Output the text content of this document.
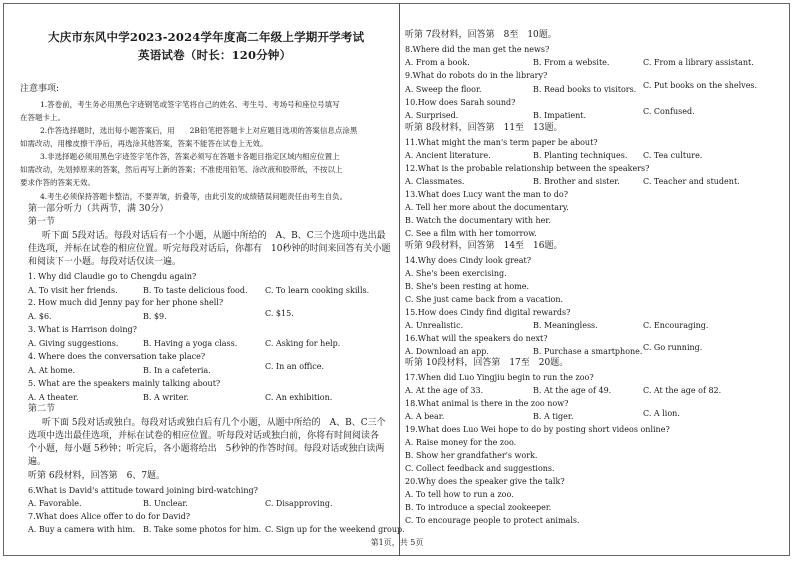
大庆市东风中学2023-2024学年度高二年级上学期开学考试
英语试卷（时长：120分钟）
注意事项:
1.答卷前，考生务必用黑色字迹钢笔或签字笔将自己的姓名、考生号、考场号和座位号填写
在答题卡上。
2.作答选择题时，选出每小题答案后，用　　2B铅笔把答题卡上对应题目选项的答案信息点涂黑
如需改动，用橡皮擦干净后，再选涂其他答案，答案不能答在试卷上无效。
3.非选择题必须用黑色字迹签字笔作答，答案必须写在答题卡各题目指定区域内相应位置上
如需改动，先划掉原来的答案，然后再写上新的答案；不准使用铅笔、涂改液和胶带纸，不按以上
要求作答的答案无效。
4.考生必须保持答题卡整洁，不要弄皱，折叠等，由此引发的成绩错误问题责任由考生自负。
第一部分听力（共两节，满 30分）
第一节
听下面 5段对话。每段对话后有一个小题，从题中所给的　A、B、C三个选项中选出最
佳选项，并标在试卷的相应位置。听完每段对话后，你都有　10秒钟的时间来回答有关小题
和阅读下一小题。每段对话仅读一遍。
1. Why did Claudie go to Chengdu again?
A. To visit her friends.	B. To taste delicious food. C. To learn cooking skills.
2. How much did Jenny pay for her phone shell?
A. $6.	B. $9.	C. $15.
3. What is Harrison doing?
A. Giving suggestions.	B. Having a yoga class.	C. Asking for help.
4. Where does the conversation take place?
A. At home.	B. In a cafeteria.	C. In an office.
5. What are the speakers mainly talking about?
A. A theater.	B. A writer.	C. An exhibition.
第二节
听下面 5段对话或独白。每段对话或独白后有几个小题，从题中所给的　A、B、C三个
选项中选出最佳选项，并标在试卷的相应位置。听每段对话或独白前，你将有时间阅读各
个小题，每小题 5秒钟；听完后，各小题将给出　5秒钟的作答时间。每段对话或独白读两
遍。
听第 6段材料，回答第　6、7题。
6.What is David's attitude toward joining bird-watching?
A. Favorable.	B. Unclear.	C. Disapproving.
7.What does Alice offer to do for David?
A. Buy a camera with him. B. Take some photos for him. C. Sign up for the weekend group.
听第 7段材料，回答第　8至　10题。
8.Where did the man get the news?
A. From a book.	B. From a website.	C. From a library assistant.
9.What do robots do in the library?
A. Sweep the floor.	B. Read books to visitors. C. Put books on the shelves.
10.How does Sarah sound?
A. Surprised.	B. Impatient.	C. Confused.
听第 8段材料，回答第　11至　13题。
11.What might the man's term paper be about?
A. Ancient literature.	B. Planting techniques. C. Tea culture.
12.What is the probable relationship between the speakers?
A. Classmates.	B. Brother and sister.	C. Teacher and student.
13.What does Lucy want the man to do?
A. Tell her more about the documentary.
B. Watch the documentary with her.
C. See a film with her tomorrow.
听第 9段材料，回答第　14至　16题。
14.Why does Cindy look great?
A. She's been exercising.
B. She's been resting at home.
C. She just came back from a vacation.
15.How does Cindy find digital rewards?
A. Unrealistic.	B. Meaningless.	C. Encouraging.
16.What will the speakers do next?
A. Download an app.	B. Purchase a smartphone. C. Go running.
听第 10段材料，回答第　17至　20题。
17.When did Luo Yingjiu begin to run the zoo?
A. At the age of 33.	B. At the age of 49.	C. At the age of 82.
18.What animal is there in the zoo now?
A. A bear.	B. A tiger.	C. A lion.
19.What does Luo Wei hope to do by posting short videos online?
A. Raise money for the zoo.
B. Show her grandfather's work.
C. Collect feedback and suggestions.
20.Why does the speaker give the talk?
A. To tell how to run a zoo.
B. To introduce a special zookeeper.
C. To encourage people to protect animals.
第1页，共 5页
